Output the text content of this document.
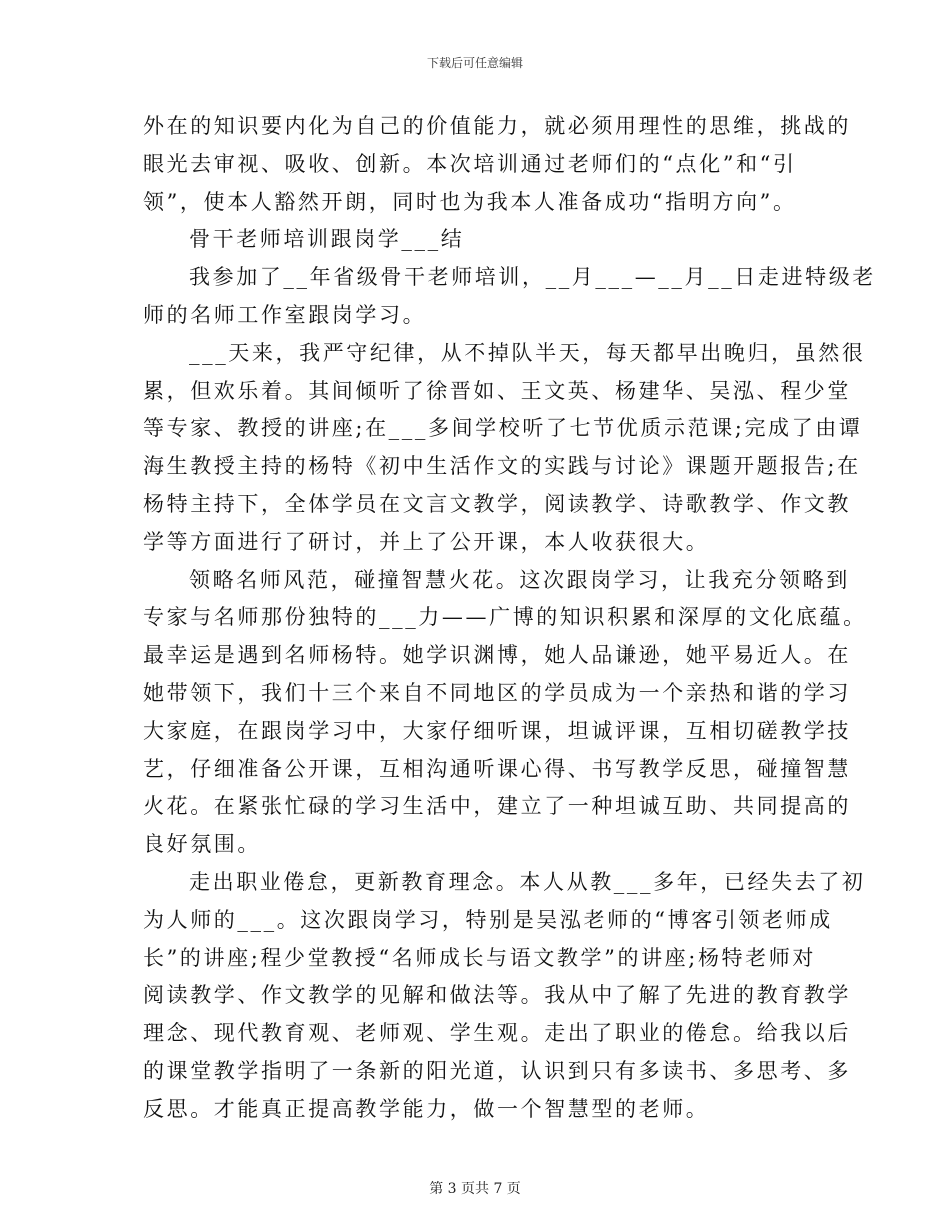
下载后可任意编辑
外在的知识要内化为自己的价值能力，就必须用理性的思维，挑战的
眼光去审视、吸收、创新。本次培训通过老师们的“点化”和“引
领”，使本人豁然开朗，同时也为我本人准备成功“指明方向”。
骨干老师培训跟岗学___结
我参加了__年省级骨干老师培训，__月___—__月__日走进特级老
师的名师工作室跟岗学习。
___天来，我严守纪律，从不掉队半天，每天都早出晚归，虽然很
累，但欢乐着。其间倾听了徐晋如、王文英、杨建华、吴泓、程少堂
等专家、教授的讲座;在___多间学校听了七节优质示范课;完成了由谭
海生教授主持的杨特《初中生活作文的实践与讨论》课题开题报告;在
杨特主持下，全体学员在文言文教学，阅读教学、诗歌教学、作文教
学等方面进行了研讨，并上了公开课，本人收获很大。
领略名师风范，碰撞智慧火花。这次跟岗学习，让我充分领略到
专家与名师那份独特的___力——广博的知识积累和深厚的文化底蕴。
最幸运是遇到名师杨特。她学识渊博，她人品谦逊，她平易近人。在
她带领下，我们十三个来自不同地区的学员成为一个亲热和谐的学习
大家庭，在跟岗学习中，大家仔细听课，坦诚评课，互相切磋教学技
艺，仔细准备公开课，互相沟通听课心得、书写教学反思，碰撞智慧
火花。在紧张忙碌的学习生活中，建立了一种坦诚互助、共同提高的
良好氛围。
走出职业倦怠，更新教育理念。本人从教___多年，已经失去了初
为人师的___。这次跟岗学习，特别是吴泓老师的“博客引领老师成
长”的讲座;程少堂教授“名师成长与语文教学”的讲座;杨特老师对
阅读教学、作文教学的见解和做法等。我从中了解了先进的教育教学
理念、现代教育观、老师观、学生观。走出了职业的倦怠。给我以后
的课堂教学指明了一条新的阳光道，认识到只有多读书、多思考、多
反思。才能真正提高教学能力，做一个智慧型的老师。
第 3 页共 7 页
